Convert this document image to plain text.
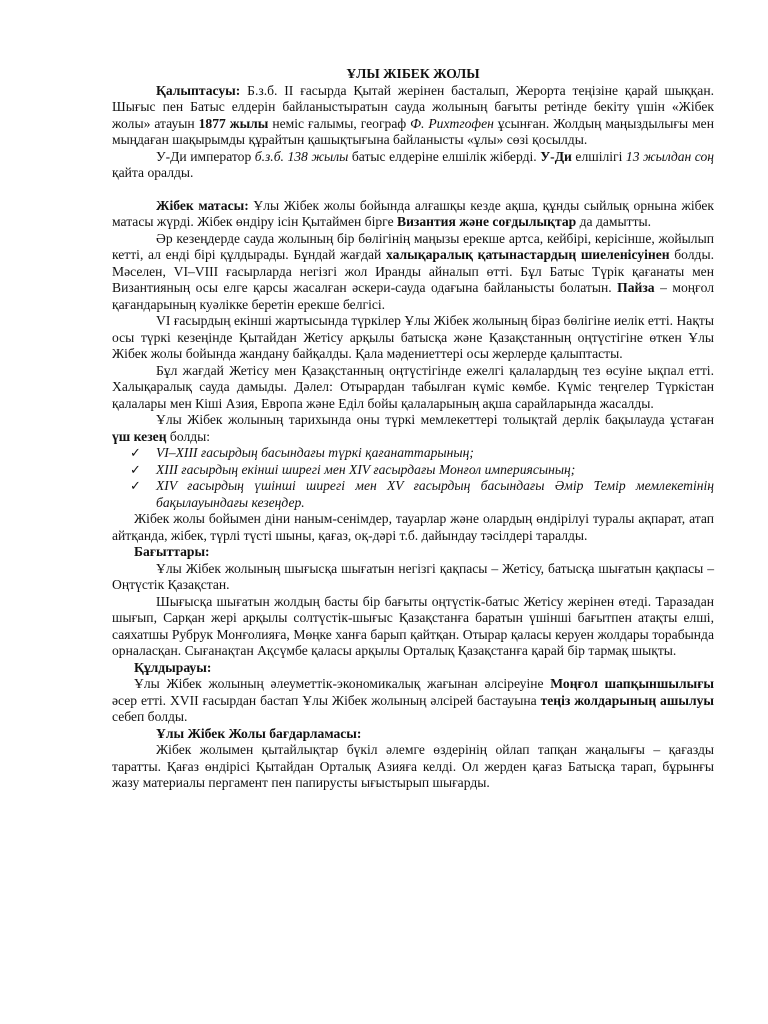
ҰЛЫ ЖІБЕК ЖОЛЫ

Қалыптасуы: Б.з.б. ІІ ғасырда Қытай жерінен басталып, Жерорта теңізіне қарай шыққан. Шығыс пен Батыс елдерін байланыстыратын сауда жолының бағыты ретінде бекіту үшін «Жібек жолы» атауын 1877 жылы неміс ғалымы, географ Ф. Рихтгофен ұсынған. Жолдың маңыздылығы мен мыңдаған шақырымды құрайтын қашықтығына байланысты «ұлы» сөзі қосылды.

У-Ди император б.з.б. 138 жылы батыс елдеріне елшілік жіберді. У-Ди елшілігі 13 жылдан соң қайта оралды.

Жібек матасы: Ұлы Жібек жолы бойында алғашқы кезде ақша, құнды сыйлық орнына жібек матасы жүрді. Жібек өндіру ісін Қытаймен бірге Византия және соғдылықтар да дамытты.

Әр кезеңдерде сауда жолының бір бөлігінің маңызы ерекше артса, кейбірі, керісінше, жойылып кетті, ал енді бірі құлдырады. Бұндай жағдай халықаралық қатынастардың шиеленісуінен болды. Мәселен, VI–VIII ғасырларда негізгі жол Иранды айналып өтті. Бұл Батыс Түрік қағанаты мен Византияның осы елге қарсы жасалған әскери-сауда одағына байланысты болатын. Пайза – моңғол қағандарының куәлікке беретін ерекше белгісі.

VI ғасырдың екінші жартысында түркілер Ұлы Жібек жолының біраз бөлігіне иелік етті. Нақты осы түркі кезеңінде Қытайдан Жетісу арқылы батысқа және Қазақстанның оңтүстігіне өткен Ұлы Жібек жолы бойында жандану байқалды. Қала мәдениеттері осы жерлерде қалыптасты.

Бұл жағдай Жетісу мен Қазақстанның оңтүстігінде ежелгі қалалардың тез өсуіне ықпал етті. Халықаралық сауда дамыды. Дәлел: Отырардан табылған күміс көмбе. Күміс теңгелер Түркістан қалалары мен Кіші Азия, Европа және Еділ бойы қалаларының ақша сарайларында жасалды.

Ұлы Жібек жолының тарихында оны түркі мемлекеттері толықтай дерлік бақылауда ұстаған үш кезең болды:

✓ VI–XIII ғасырдың басындағы түркі қағанаттарының;
✓ XIII ғасырдың екінші ширегі мен XIV ғасырдағы Монғол империясының;
✓ XIV ғасырдың үшінші ширегі мен XV ғасырдың басындағы Әмір Темір мемлекетінің бақылауындағы кезеңдер.

Жібек жолы бойымен діни наным-сенімдер, тауарлар және олардың өндірілуі туралы ақпарат, атап айтқанда, жібек, түрлі түсті шыны, қағаз, оқ-дәрі т.б. дайындау тәсілдері таралды.

Бағыттары:

Ұлы Жібек жолының шығысқа шығатын негізгі қақпасы – Жетісу, батысқа шығатын қақпасы – Оңтүстік Қазақстан.

Шығысқа шығатын жолдың басты бір бағыты оңтүстік-батыс Жетісу жерінен өтеді. Таразадан шығып, Сарқан жері арқылы солтүстік-шығыс Қазақстанға баратын үшінші бағытпен атақты елші, саяхатшы Рубрук Монғолияға, Мөңке ханға барып қайтқан. Отырар қаласы керуен жолдары торабында орналасқан. Сығанақтан Ақсүмбе қаласы арқылы Орталық Қазақстанға қарай бір тармақ шықты.

Құлдырауы:

Ұлы Жібек жолының әлеуметтік-экономикалық жағынан әлсіреуіне Моңғол шапқыншылығы әсер етті. XVII ғасырдан бастап Ұлы Жібек жолының әлсірей бастауына теңіз жолдарының ашылуы себеп болды.

Ұлы Жібек Жолы бағдарламасы:

Жібек жолымен қытайлықтар бүкіл әлемге өздерінің ойлап тапқан жаңалығы – қағазды таратты. Қағаз өндірісі Қытайдан Орталық Азияға келді. Ол жерден қағаз Батысқа тарап, бұрынғы жазу материалы пергамент пен папирусты ығыстырып шығарды.
